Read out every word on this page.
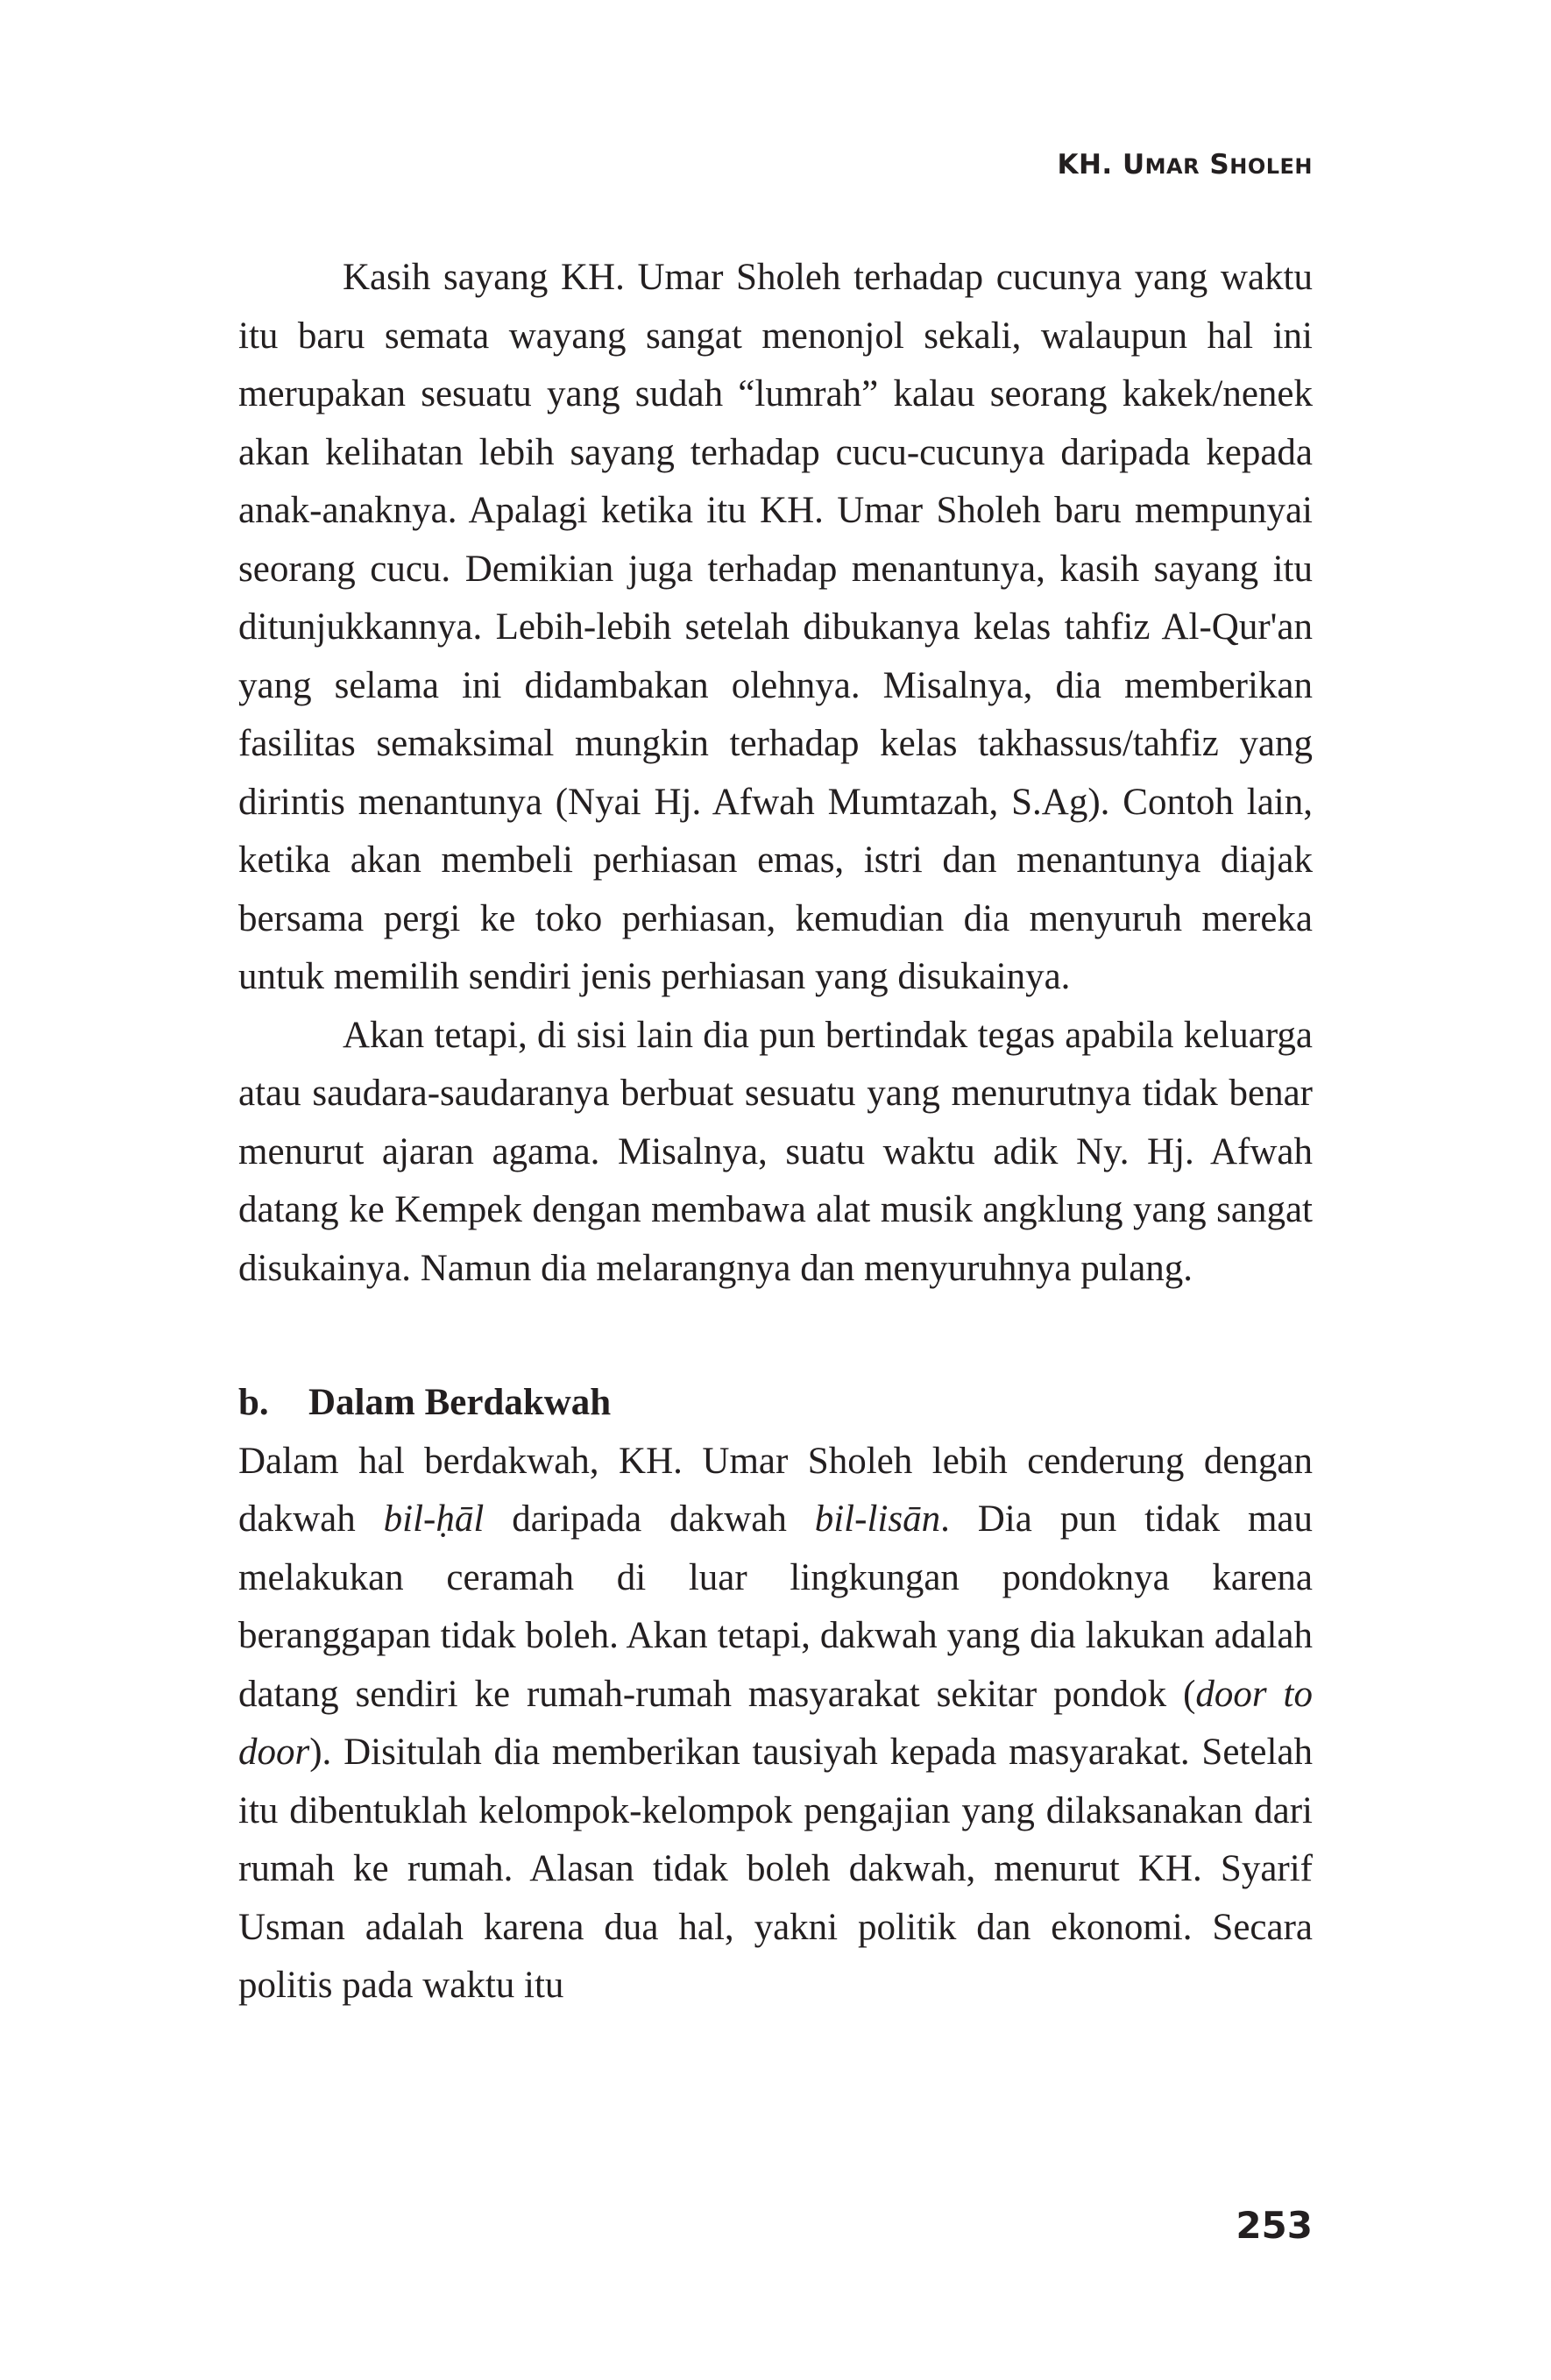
KH. UMAR SHOLEH

Kasih sayang KH. Umar Sholeh terhadap cucunya yang waktu itu baru semata wayang sangat menonjol sekali, walaupun hal ini merupakan sesuatu yang sudah “lumrah” kalau seorang kakek/nenek akan kelihatan lebih sayang terhadap cucu-cucunya daripada kepada anak-anaknya. Apalagi ketika itu KH. Umar Sholeh baru mempunyai seorang cucu. Demikian juga terhadap menantunya, kasih sayang itu ditunjukkannya. Lebih-lebih setelah dibukanya kelas tahfiz Al-Qur'an yang selama ini didambakan olehnya. Misalnya, dia memberikan fasilitas semaksimal mungkin terhadap kelas takhassus/tahfiz yang dirintis menantunya (Nyai Hj. Afwah Mumtazah, S.Ag). Contoh lain, ketika akan membeli perhiasan emas, istri dan menantunya diajak bersama pergi ke toko perhiasan, kemudian dia menyuruh mereka untuk memilih sendiri jenis perhiasan yang disukainya.

Akan tetapi, di sisi lain dia pun bertindak tegas apabila keluarga atau saudara-saudaranya berbuat sesuatu yang menurutnya tidak benar menurut ajaran agama. Misalnya, suatu waktu adik Ny. Hj. Afwah datang ke Kempek dengan membawa alat musik angklung yang sangat disukainya. Namun dia melarangnya dan menyuruhnya pulang.

b.	Dalam Berdakwah

Dalam hal berdakwah, KH. Umar Sholeh lebih cenderung dengan dakwah bil-ḥāl daripada dakwah bil-lisān. Dia pun tidak mau melakukan ceramah di luar lingkungan pondoknya karena beranggapan tidak boleh. Akan tetapi, dakwah yang dia lakukan adalah datang sendiri ke rumah-rumah masyarakat sekitar pondok (door to door). Disitulah dia memberikan tausiyah kepada masyarakat. Setelah itu dibentuklah kelompok-kelompok pengajian yang dilaksanakan dari rumah ke rumah. Alasan tidak boleh dakwah, menurut KH. Syarif Usman adalah karena dua hal, yakni politik dan ekonomi. Secara politis pada waktu itu

253
